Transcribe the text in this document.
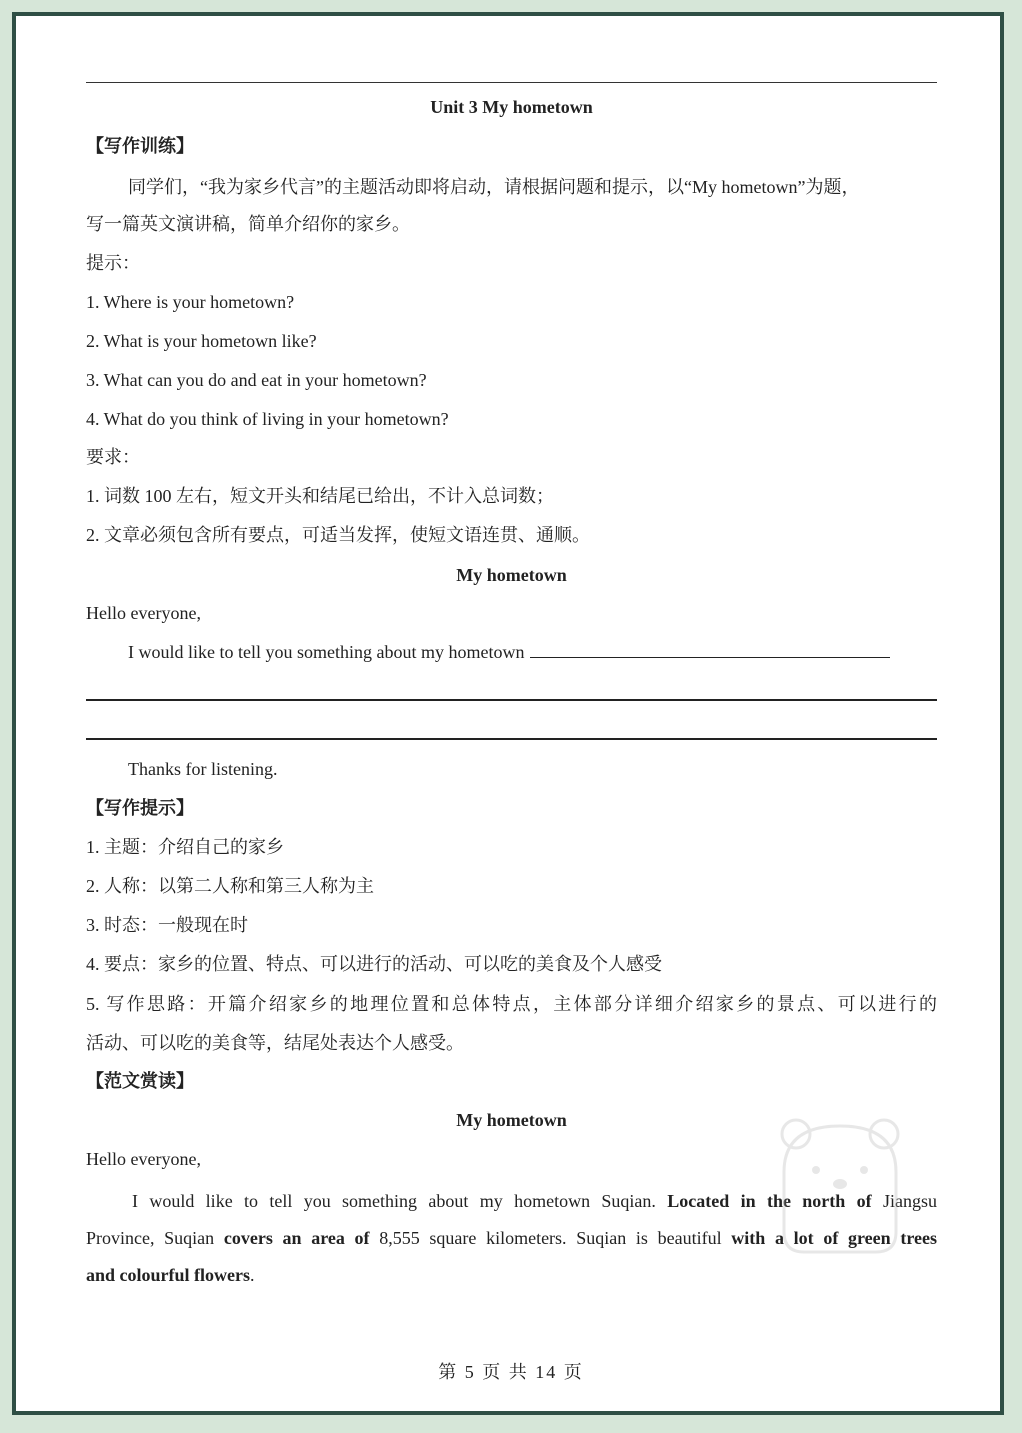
Unit 3 My hometown
【写作训练】
同学们，“我为家乡代言”的主题活动即将启动，请根据问题和提示，以“My hometown”为题，
写一篇英文演讲稿，简单介绍你的家乡。
提示：
1. Where is your hometown?
2. What is your hometown like?
3. What can you do and eat in your hometown?
4. What do you think of living in your hometown?
要求：
1. 词数 100 左右，短文开头和结尾已给出，不计入总词数；
2. 文章必须包含所有要点，可适当发挥，使短文语连贯、通顺。
My hometown
Hello everyone,
I would like to tell you something about my hometown
Thanks for listening.
【写作提示】
1. 主题：介绍自己的家乡
2. 人称：以第二人称和第三人称为主
3. 时态：一般现在时
4. 要点：家乡的位置、特点、可以进行的活动、可以吃的美食及个人感受
5. 写作思路：开篇介绍家乡的地理位置和总体特点，主体部分详细介绍家乡的景点、可以进行的
活动、可以吃的美食等，结尾处表达个人感受。
【范文赏读】
My hometown
Hello everyone,
I would like to tell you something about my hometown Suqian. Located in the north of Jiangsu
Province, Suqian covers an area of 8,555 square kilometers. Suqian is beautiful with a lot of green trees
and colourful flowers.
第 5 页 共 14 页
